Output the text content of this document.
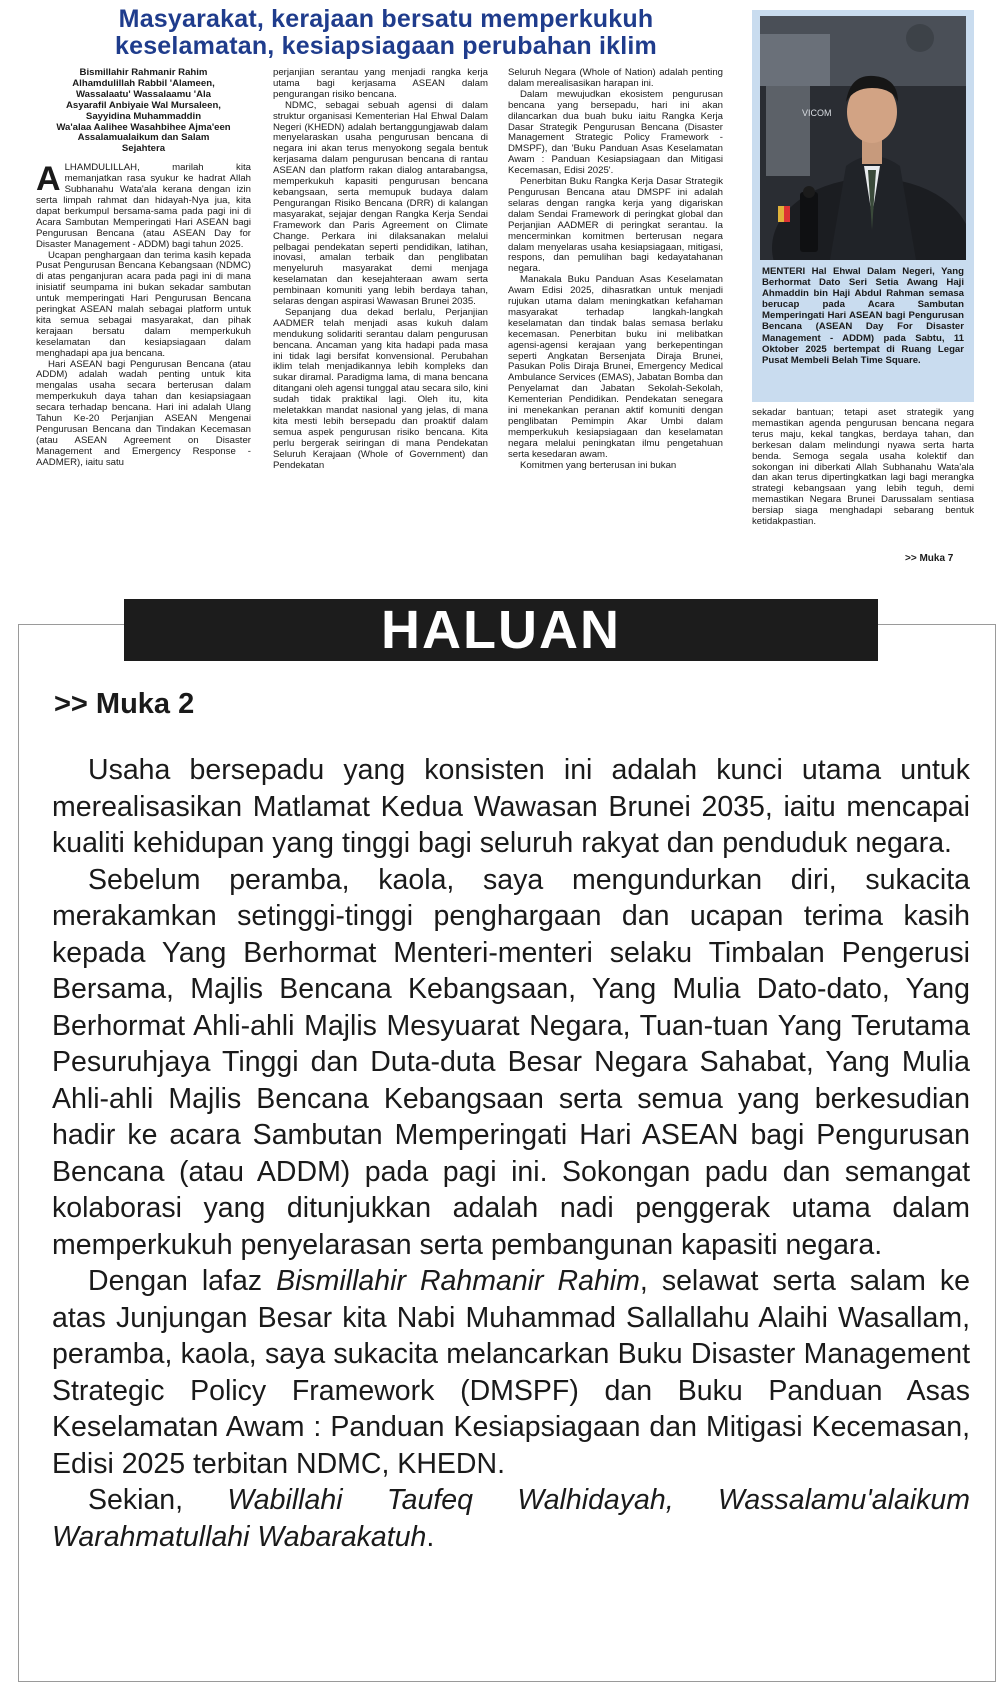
Masyarakat, kerajaan bersatu memperkukuh
keselamatan, kesiapsiagaan perubahan iklim
Bismillahir Rahmanir Rahim
Alhamdulillah Rabbil 'Alameen,
Wassalaatu' Wassalaamu 'Ala
Asyarafil Anbiyaie Wal Mursaleen,
Sayyidina Muhammaddin
Wa'alaa Aalihee Wasahbihee Ajma'een
Assalamualaikum dan Salam
Sejahtera

ALHAMDULILLAH, marilah kita memanjatkan rasa syukur ke hadrat Allah Subhanahu Wata'ala kerana dengan izin serta limpah rahmat dan hidayah-Nya jua, kita dapat berkumpul bersama-sama pada pagi ini di Acara Sambutan Memperingati Hari ASEAN bagi Pengurusan Bencana (atau ASEAN Day for Disaster Management - ADDM) bagi tahun 2025.

Ucapan penghargaan dan terima kasih kepada Pusat Pengurusan Bencana Kebangsaan (NDMC) di atas penganjuran acara pada pagi ini di mana inisiatif seumpama ini bukan sekadar sambutan untuk memperingati Hari Pengurusan Bencana peringkat ASEAN malah sebagai platform untuk kita semua sebagai masyarakat, dan pihak kerajaan bersatu dalam memperkukuh keselamatan dan kesiapsiagaan dalam menghadapi apa jua bencana.

Hari ASEAN bagi Pengurusan Bencana (atau ADDM) adalah wadah penting untuk kita mengalas usaha secara berterusan dalam memperkukuh daya tahan dan kesiapsiagaan secara terhadap bencana. Hari ini adalah Ulang Tahun Ke-20 Perjanjian ASEAN Mengenai Pengurusan Bencana dan Tindakan Kecemasan (atau ASEAN Agreement on Disaster Management and Emergency Response - AADMER), iaitu satu

perjanjian serantau yang menjadi rangka kerja utama bagi kerjasama ASEAN dalam pengurangan risiko bencana.

NDMC, sebagai sebuah agensi di dalam struktur organisasi Kementerian Hal Ehwal Dalam Negeri (KHEDN) adalah bertanggungjawab dalam menyelaraskan usaha pengurusan bencana di negara ini akan terus menyokong segala bentuk kerjasama dalam pengurusan bencana di rantau ASEAN dan platform rakan dialog antarabangsa, memperkukuh kapasiti pengurusan bencana kebangsaan, serta memupuk budaya dalam Pengurangan Risiko Bencana (DRR) di kalangan masyarakat, sejajar dengan Rangka Kerja Sendai Framework dan Paris Agreement on Climate Change. Perkara ini dilaksanakan melalui pelbagai pendekatan seperti pendidikan, latihan, inovasi, amalan terbaik dan penglibatan menyeluruh masyarakat demi menjaga keselamatan dan kesejahteraan awam serta pembinaan komuniti yang lebih berdaya tahan, selaras dengan aspirasi Wawasan Brunei 2035.

Sepanjang dua dekad berlalu, Perjanjian AADMER telah menjadi asas kukuh dalam mendukung solidariti serantau dalam pengurusan bencana. Ancaman yang kita hadapi pada masa ini tidak lagi bersifat konvensional. Perubahan iklim telah menjadikannya lebih kompleks dan sukar diramal. Paradigma lama, di mana bencana ditangani oleh agensi tunggal atau secara silo, kini sudah tidak praktikal lagi. Oleh itu, kita meletakkan mandat nasional yang jelas, di mana kita mesti lebih bersepadu dan proaktif dalam semua aspek pengurusan risiko bencana. Kita perlu bergerak seiringan di mana Pendekatan Seluruh Kerajaan (Whole of Government) dan Pendekatan

Seluruh Negara (Whole of Nation) adalah penting dalam merealisasikan harapan ini.

Dalam mewujudkan ekosistem pengurusan bencana yang bersepadu, hari ini akan dilancarkan dua buah buku iaitu Rangka Kerja Dasar Strategik Pengurusan Bencana (Disaster Management Strategic Policy Framework - DMSPF), dan 'Buku Panduan Asas Keselamatan Awam : Panduan Kesiapsiagaan dan Mitigasi Kecemasan, Edisi 2025'.

Penerbitan Buku Rangka Kerja Dasar Strategik Pengurusan Bencana atau DMSPF ini adalah selaras dengan rangka kerja yang digariskan dalam Sendai Framework di peringkat global dan Perjanjian AADMER di peringkat serantau. Ia mencerminkan komitmen berterusan negara dalam menyelaras usaha kesiapsiagaan, mitigasi, respons, dan pemulihan bagi kedayatahanan negara.

Manakala Buku Panduan Asas Keselamatan Awam Edisi 2025, dihasratkan untuk menjadi rujukan utama dalam meningkatkan kefahaman masyarakat terhadap langkah-langkah keselamatan dan tindak balas semasa berlaku kecemasan. Penerbitan buku ini melibatkan agensi-agensi kerajaan yang berkepentingan seperti Angkatan Bersenjata Diraja Brunei, Pasukan Polis Diraja Brunei, Emergency Medical Ambulance Services (EMAS), Jabatan Bomba dan Penyelamat dan Jabatan Sekolah-Sekolah, Kementerian Pendidikan. Pendekatan senegara ini menekankan peranan aktif komuniti dengan penglibatan Pemimpin Akar Umbi dalam memperkukuh kesiapsiagaan dan keselamatan negara melalui peningkatan ilmu pengetahuan serta kesedaran awam.

Komitmen yang berterusan ini bukan

VICOM
MENTERI Hal Ehwal Dalam Negeri, Yang Berhormat Dato Seri Setia Awang Haji Ahmaddin bin Haji Abdul Rahman semasa berucap pada Acara Sambutan Memperingati Hari ASEAN bagi Pengurusan Bencana (ASEAN Day For Disaster Management - ADDM) pada Sabtu, 11 Oktober 2025 bertempat di Ruang Legar Pusat Membeli Belah Time Square.

sekadar bantuan; tetapi aset strategik yang memastikan agenda pengurusan bencana negara terus maju, kekal tangkas, berdaya tahan, dan berkesan dalam melindungi nyawa serta harta benda. Semoga segala usaha kolektif dan sokongan ini diberkati Allah Subhanahu Wata'ala dan akan terus dipertingkatkan lagi bagi merangka strategi kebangsaan yang lebih teguh, demi memastikan Negara Brunei Darussalam sentiasa bersiap siaga menghadapi sebarang bentuk ketidakpastian.

>> Muka 7
HALUAN
>> Muka 2

Usaha bersepadu yang konsisten ini adalah kunci utama untuk merealisasikan Matlamat Kedua Wawasan Brunei 2035, iaitu mencapai kualiti kehidupan yang tinggi bagi seluruh rakyat dan penduduk negara.

Sebelum peramba, kaola, saya mengundurkan diri, sukacita merakamkan setinggi-tinggi penghargaan dan ucapan terima kasih kepada Yang Berhormat Menteri-menteri selaku Timbalan Pengerusi Bersama, Majlis Bencana Kebangsaan, Yang Mulia Dato-dato, Yang Berhormat Ahli-ahli Majlis Mesyuarat Negara, Tuan-tuan Yang Terutama Pesuruhjaya Tinggi dan Duta-duta Besar Negara Sahabat, Yang Mulia Ahli-ahli Majlis Bencana Kebangsaan serta semua yang berkesudian hadir ke acara Sambutan Memperingati Hari ASEAN bagi Pengurusan Bencana (atau ADDM) pada pagi ini. Sokongan padu dan semangat kolaborasi yang ditunjukkan adalah nadi penggerak utama dalam memperkukuh penyelarasan serta pembangunan kapasiti negara.

Dengan lafaz Bismillahir Rahmanir Rahim, selawat serta salam ke atas Junjungan Besar kita Nabi Muhammad Sallallahu Alaihi Wasallam, peramba, kaola, saya sukacita melancarkan Buku Disaster Management Strategic Policy Framework (DMSPF) dan Buku Panduan Asas Keselamatan Awam : Panduan Kesiapsiagaan dan Mitigasi Kecemasan, Edisi 2025 terbitan NDMC, KHEDN.

Sekian, Wabillahi Taufeq Walhidayah, Wassalamu'alaikum Warahmatullahi Wabarakatuh.
